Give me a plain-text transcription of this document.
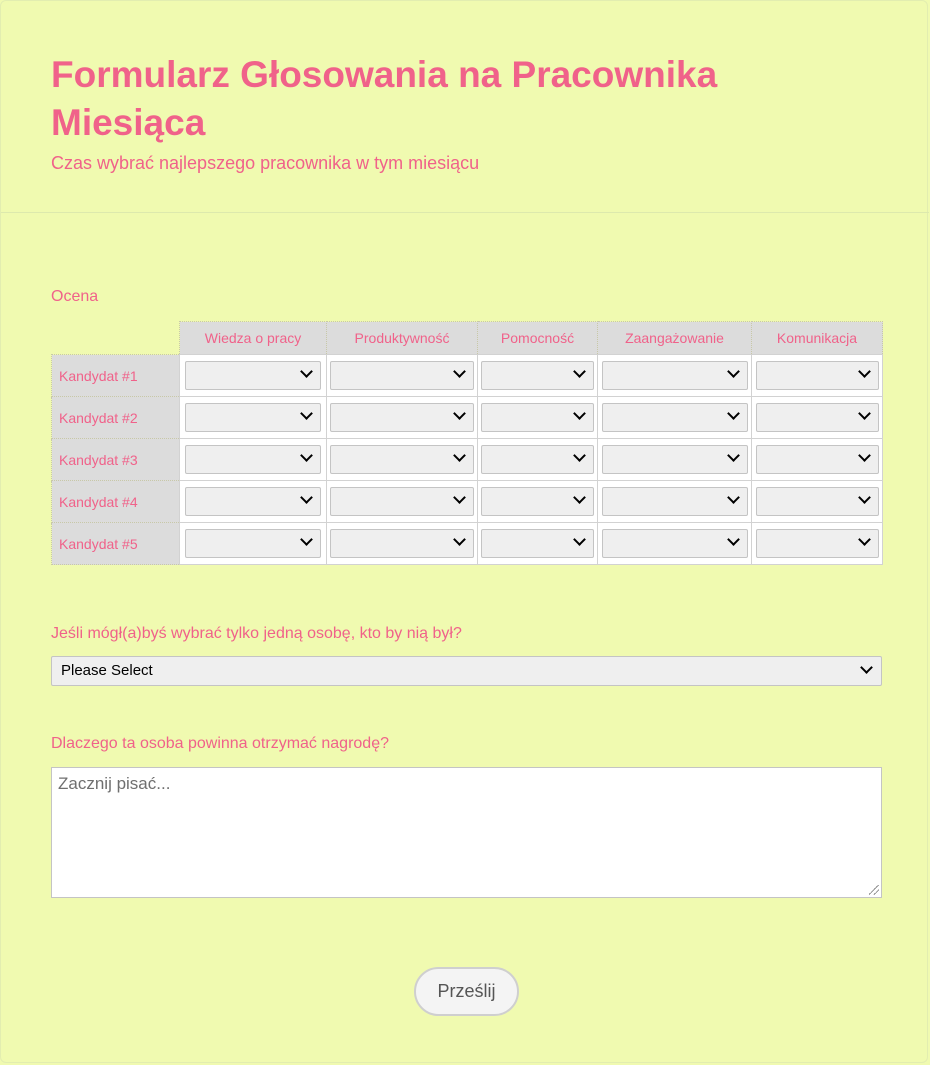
Formularz Głosowania na Pracownika Miesiąca

Czas wybrać najlepszego pracownika w tym miesiącu

Ocena
	Wiedza o pracy	Produktywność	Pomocność	Zaangażowanie	Komunikacja
Kandydat #1	

Kandydat #2	

Kandydat #3	

Kandydat #4	

Kandydat #5	

Jeśli mógł(a)byś wybrać tylko jedną osobę, kto by nią był?
Please Select
Dlaczego ta osoba powinna otrzymać nagrodę?
Zacznij pisać...
Prześlij
